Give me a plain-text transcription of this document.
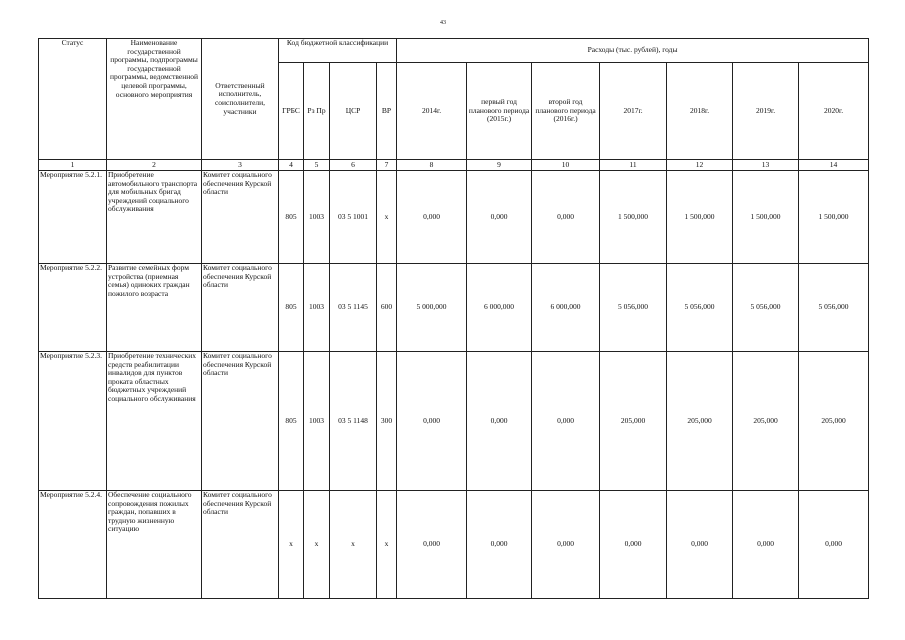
43
Статус	Наименование государственной программы, подпрограммы государственной программы, ведомственной целевой программы, основного мероприятия	Ответственный исполнитель, соисполнители, участники	Код бюджетной классификации				Расходы (тыс. рублей), годы						
			ГРБС	Рз Пр	ЦСР	ВР	2014г.	первый год планового периода (2015г.)	второй год планового периода (2016г.)	2017г.	2018г.	2019г.	2020г.
1	2	3	4	5	6	7	8	9	10	11	12	13	14
Мероприятие 5.2.1.	Приобретение автомобильного транспорта для мобильных бригад учреждений социального обслуживания	Комитет социального обеспечения Курской области	805	1003	03 5 1001	x	0,000	0,000	0,000	1 500,000	1 500,000	1 500,000	1 500,000
Мероприятие 5.2.2.	Развитие семейных форм устройства (приемная семья) одиноких граждан пожилого возраста	Комитет социального обеспечения Курской области	805	1003	03 5 1145	600	5 000,000	6 000,000	6 000,000	5 056,000	5 056,000	5 056,000	5 056,000
Мероприятие 5.2.3.	Приобретение технических средств реабилитации инвалидов для пунктов проката областных бюджетных учреждений социального обслуживания	Комитет социального обеспечения Курской области	805	1003	03 5 1148	300	0,000	0,000	0,000	205,000	205,000	205,000	205,000
Мероприятие 5.2.4.	Обеспечение социального сопровождения пожилых граждан, попавших в трудную жизненную ситуацию	Комитет социального обеспечения Курской области	x	x	x	x	0,000	0,000	0,000	0,000	0,000	0,000	0,000
